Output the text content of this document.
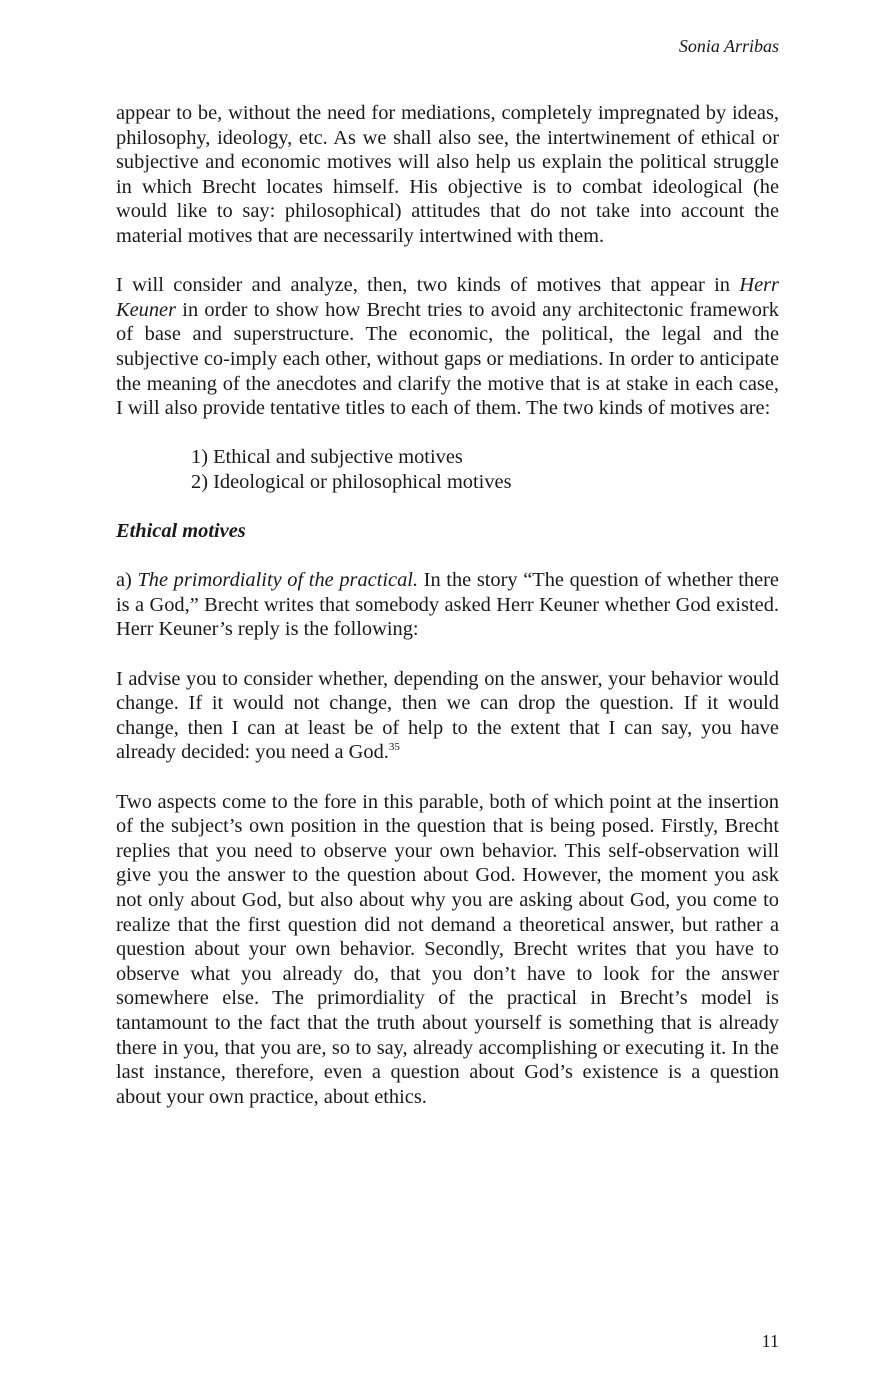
Sonia Arribas

appear to be, without the need for mediations, completely impregnated by ideas, philosophy, ideology, etc. As we shall also see, the intertwinement of ethical or subjective and economic motives will also help us explain the political struggle in which Brecht locates himself. His objective is to combat ideological (he would like to say: philosophical) attitudes that do not take into account the material motives that are necessarily intertwined with them.

I will consider and analyze, then, two kinds of motives that appear in Herr Keuner in order to show how Brecht tries to avoid any architectonic framework of base and superstructure. The economic, the political, the legal and the subjective co-imply each other, without gaps or mediations. In order to anticipate the meaning of the anecdotes and clarify the motive that is at stake in each case, I will also provide tentative titles to each of them. The two kinds of motives are:

1) Ethical and subjective motives
2) Ideological or philosophical motives

Ethical motives

a) The primordiality of the practical. In the story “The question of whether there is a God,” Brecht writes that somebody asked Herr Keuner whether God existed. Herr Keuner’s reply is the following:

I advise you to consider whether, depending on the answer, your behavior would change. If it would not change, then we can drop the question. If it would change, then I can at least be of help to the extent that I can say, you have already decided: you need a God.$^{35}$

Two aspects come to the fore in this parable, both of which point at the insertion of the subject’s own position in the question that is being posed. Firstly, Brecht replies that you need to observe your own behavior. This self-observation will give you the answer to the question about God. However, the moment you ask not only about God, but also about why you are asking about God, you come to realize that the first question did not demand a theoretical answer, but rather a question about your own behavior. Secondly, Brecht writes that you have to observe what you already do, that you don’t have to look for the answer somewhere else. The primordiality of the practical in Brecht’s model is tantamount to the fact that the truth about yourself is something that is already there in you, that you are, so to say, already accomplishing or executing it. In the last instance, therefore, even a question about God’s existence is a question about your own practice, about ethics.

11
